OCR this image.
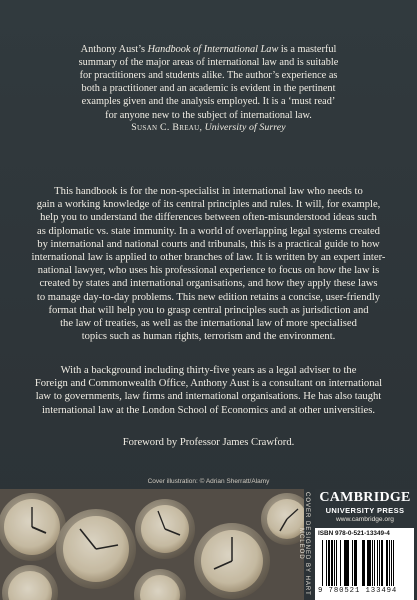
Anthony Aust’s Handbook of International Law is a masterful
summary of the major areas of international law and is suitable
for practitioners and students alike. The author’s experience as
both a practitioner and an academic is evident in the pertinent
examples given and the analysis employed. It is a ‘must read’
for anyone new to the subject of international law.
Susan C. Breau, University of Surrey
This handbook is for the non-specialist in international law who needs to
gain a working knowledge of its central principles and rules. It will, for example,
help you to understand the differences between often-misunderstood ideas such
as diplomatic vs. state immunity. In a world of overlapping legal systems created
by international and national courts and tribunals, this is a practical guide to how
international law is applied to other branches of law. It is written by an expert inter-
national lawyer, who uses his professional experience to focus on how the law is
created by states and international organisations, and how they apply these laws
to manage day-to-day problems. This new edition retains a concise, user-friendly
format that will help you to grasp central principles such as jurisdiction and
the law of treaties, as well as the international law of more specialised
topics such as human rights, terrorism and the environment.
With a background including thirty-five years as a legal adviser to the
Foreign and Commonwealth Office, Anthony Aust is a consultant on international
law to governments, law firms and international organisations. He has also taught
international law at the London School of Economics and at other universities.
Foreword by Professor James Crawford.
Cover illustration: © Adrian Sherratt/Alamy
COVER DESIGNED BY HART MCLEOD
CAMBRIDGE
UNIVERSITY PRESS
www.cambridge.org
ISBN 978-0-521-13349-4
9 780521 133494
